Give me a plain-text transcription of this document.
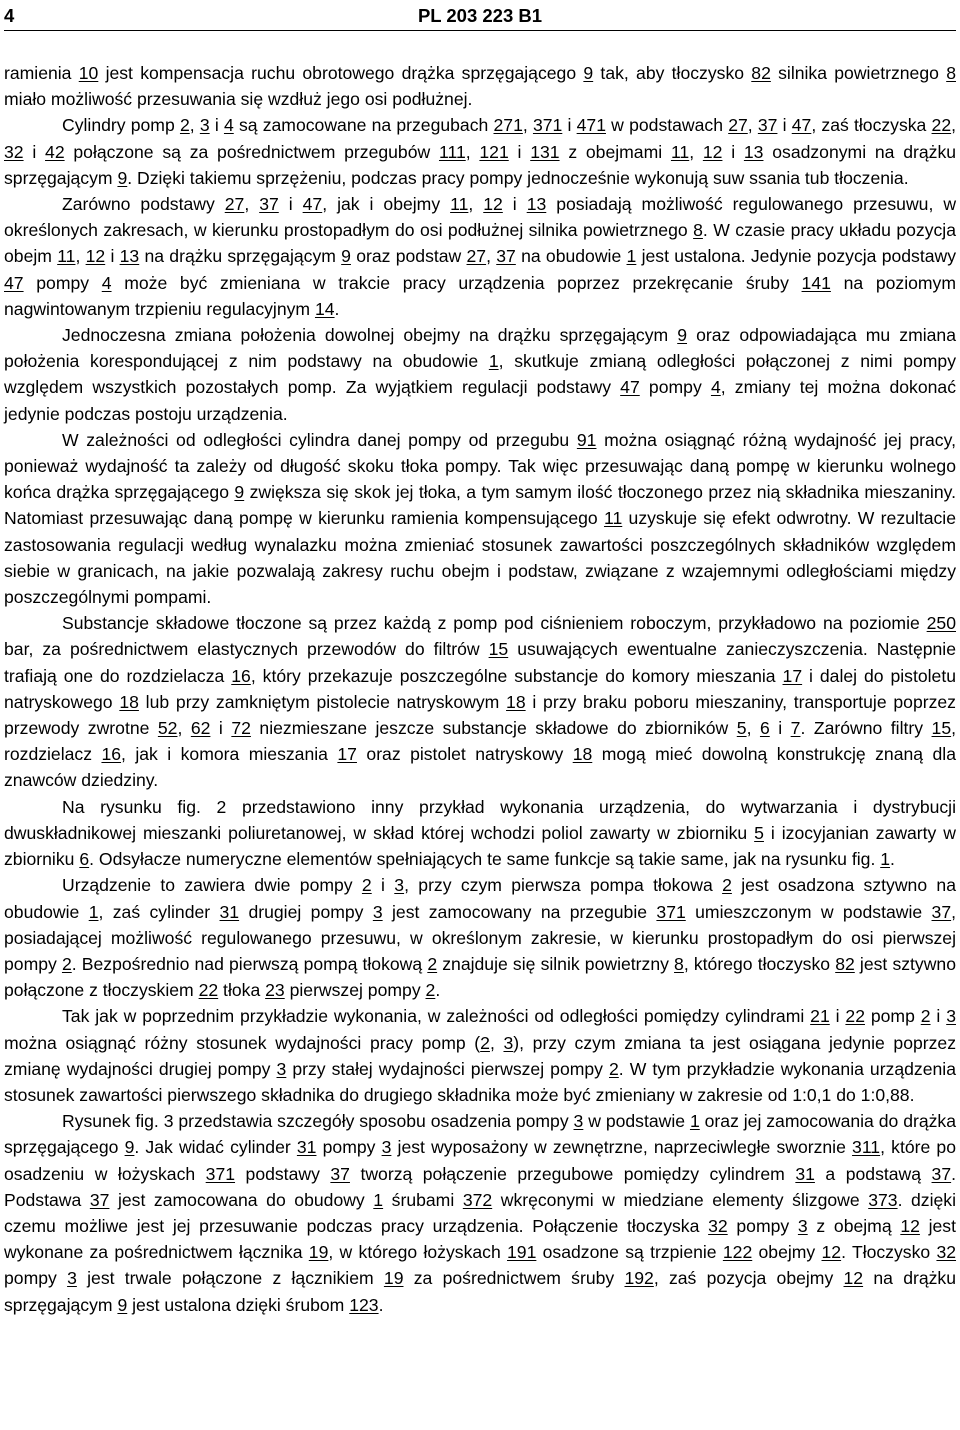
4	PL 203 223 B1

ramienia 10 jest kompensacja ruchu obrotowego drążka sprzęgającego 9 tak, aby tłoczysko 82 silnika powietrznego 8 miało możliwość przesuwania się wzdłuż jego osi podłużnej.

Cylindry pomp 2, 3 i 4 są zamocowane na przegubach 271, 371 i 471 w podstawach 27, 37 i 47, zaś tłoczyska 22, 32 i 42 połączone są za pośrednictwem przegubów 111, 121 i 131 z obejmami 11, 12 i 13 osadzonymi na drążku sprzęgającym 9. Dzięki takiemu sprzężeniu, podczas pracy pompy jednocześnie wykonują suw ssania tub tłoczenia.

Zarówno podstawy 27, 37 i 47, jak i obejmy 11, 12 i 13 posiadają możliwość regulowanego przesuwu, w określonych zakresach, w kierunku prostopadłym do osi podłużnej silnika powietrznego 8. W czasie pracy układu pozycja obejm 11, 12 i 13 na drążku sprzęgającym 9 oraz podstaw 27, 37 na obudowie 1 jest ustalona. Jedynie pozycja podstawy 47 pompy 4 może być zmieniana w trakcie pracy urządzenia poprzez przekręcanie śruby 141 na poziomym nagwintowanym trzpieniu regulacyjnym 14.

Jednoczesna zmiana położenia dowolnej obejmy na drążku sprzęgającym 9 oraz odpowiadająca mu zmiana położenia korespondującej z nim podstawy na obudowie 1, skutkuje zmianą odległości połączonej z nimi pompy względem wszystkich pozostałych pomp. Za wyjątkiem regulacji podstawy 47 pompy 4, zmiany tej można dokonać jedynie podczas postoju urządzenia.

W zależności od odległości cylindra danej pompy od przegubu 91 można osiągnąć różną wydajność jej pracy, ponieważ wydajność ta zależy od długość skoku tłoka pompy. Tak więc przesuwając daną pompę w kierunku wolnego końca drążka sprzęgającego 9 zwiększa się skok jej tłoka, a tym samym ilość tłoczonego przez nią składnika mieszaniny. Natomiast przesuwając daną pompę w kierunku ramienia kompensującego 11 uzyskuje się efekt odwrotny. W rezultacie zastosowania regulacji według wynalazku można zmieniać stosunek zawartości poszczególnych składników względem siebie w granicach, na jakie pozwalają zakresy ruchu obejm i podstaw, związane z wzajemnymi odległościami między poszczególnymi pompami.

Substancje składowe tłoczone są przez każdą z pomp pod ciśnieniem roboczym, przykładowo na poziomie 250 bar, za pośrednictwem elastycznych przewodów do filtrów 15 usuwających ewentualne zanieczyszczenia. Następnie trafiają one do rozdzielacza 16, który przekazuje poszczególne substancje do komory mieszania 17 i dalej do pistoletu natryskowego 18 lub przy zamkniętym pistolecie natryskowym 18 i przy braku poboru mieszaniny, transportuje poprzez przewody zwrotne 52, 62 i 72 niezmieszane jeszcze substancje składowe do zbiorników 5, 6 i 7. Zarówno filtry 15, rozdzielacz 16, jak i komora mieszania 17 oraz pistolet natryskowy 18 mogą mieć dowolną konstrukcję znaną dla znawców dziedziny.

Na rysunku fig. 2 przedstawiono inny przykład wykonania urządzenia, do wytwarzania i dystrybucji dwuskładnikowej mieszanki poliuretanowej, w skład której wchodzi poliol zawarty w zbiorniku 5 i izocyjanian zawarty w zbiorniku 6. Odsyłacze numeryczne elementów spełniających te same funkcje są takie same, jak na rysunku fig. 1.

Urządzenie to zawiera dwie pompy 2 i 3, przy czym pierwsza pompa tłokowa 2 jest osadzona sztywno na obudowie 1, zaś cylinder 31 drugiej pompy 3 jest zamocowany na przegubie 371 umieszczonym w podstawie 37, posiadającej możliwość regulowanego przesuwu, w określonym zakresie, w kierunku prostopadłym do osi pierwszej pompy 2. Bezpośrednio nad pierwszą pompą tłokową 2 znajduje się silnik powietrzny 8, którego tłoczysko 82 jest sztywno połączone z tłoczyskiem 22 tłoka 23 pierwszej pompy 2.

Tak jak w poprzednim przykładzie wykonania, w zależności od odległości pomiędzy cylindrami 21 i 22 pomp 2 i 3 można osiągnąć różny stosunek wydajności pracy pomp (2, 3), przy czym zmiana ta jest osiągana jedynie poprzez zmianę wydajności drugiej pompy 3 przy stałej wydajności pierwszej pompy 2. W tym przykładzie wykonania urządzenia stosunek zawartości pierwszego składnika do drugiego składnika może być zmieniany w zakresie od 1:0,1 do 1:0,88.

Rysunek fig. 3 przedstawia szczegóły sposobu osadzenia pompy 3 w podstawie 1 oraz jej zamocowania do drążka sprzęgającego 9. Jak widać cylinder 31 pompy 3 jest wyposażony w zewnętrzne, naprzeciwległe sworznie 311, które po osadzeniu w łożyskach 371 podstawy 37 tworzą połączenie przegubowe pomiędzy cylindrem 31 a podstawą 37. Podstawa 37 jest zamocowana do obudowy 1 śrubami 372 wkręconymi w miedziane elementy ślizgowe 373. dzięki czemu możliwe jest jej przesuwanie podczas pracy urządzenia. Połączenie tłoczyska 32 pompy 3 z obejmą 12 jest wykonane za pośrednictwem łącznika 19, w którego łożyskach 191 osadzone są trzpienie 122 obejmy 12. Tłoczysko 32 pompy 3 jest trwale połączone z łącznikiem 19 za pośrednictwem śruby 192, zaś pozycja obejmy 12 na drążku sprzęgającym 9 jest ustalona dzięki śrubom 123.
